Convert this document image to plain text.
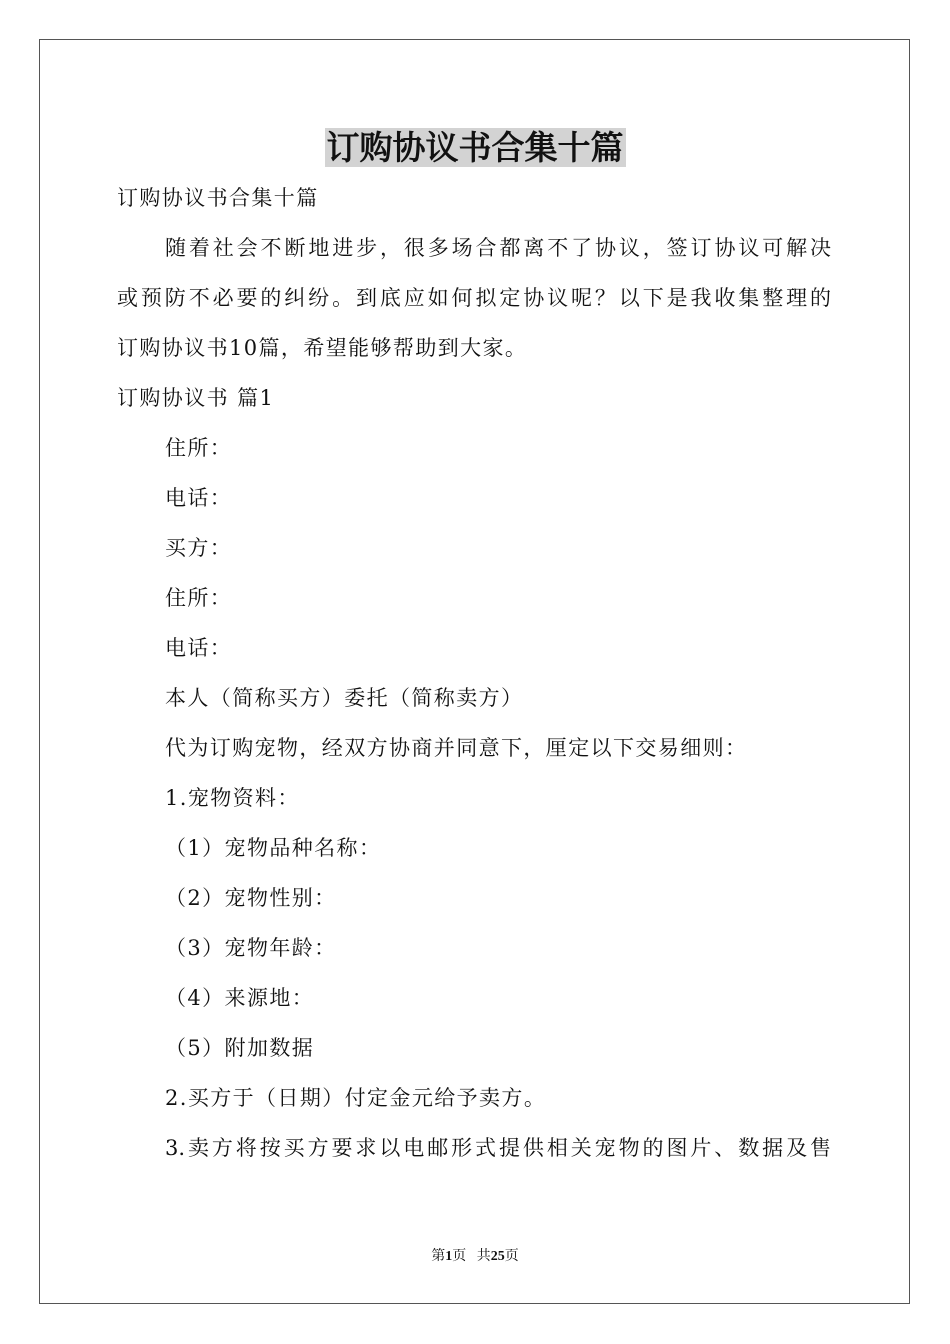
订购协议书合集十篇
订购协议书合集十篇
随着社会不断地进步，很多场合都离不了协议，签订协议可解决
或预防不必要的纠纷。到底应如何拟定协议呢？以下是我收集整理的
订购协议书10篇，希望能够帮助到大家。
订购协议书 篇1
住所：
电话：
买方：
住所：
电话：
本人（简称买方）委托（简称卖方）
代为订购宠物，经双方协商并同意下，厘定以下交易细则：
1.宠物资料：
（1）宠物品种名称：
（2）宠物性别：
（3）宠物年龄：
（4）来源地：
（5）附加数据
2.买方于（日期）付定金元给予卖方。
3.卖方将按买方要求以电邮形式提供相关宠物的图片、数据及售
第1页 共25页
